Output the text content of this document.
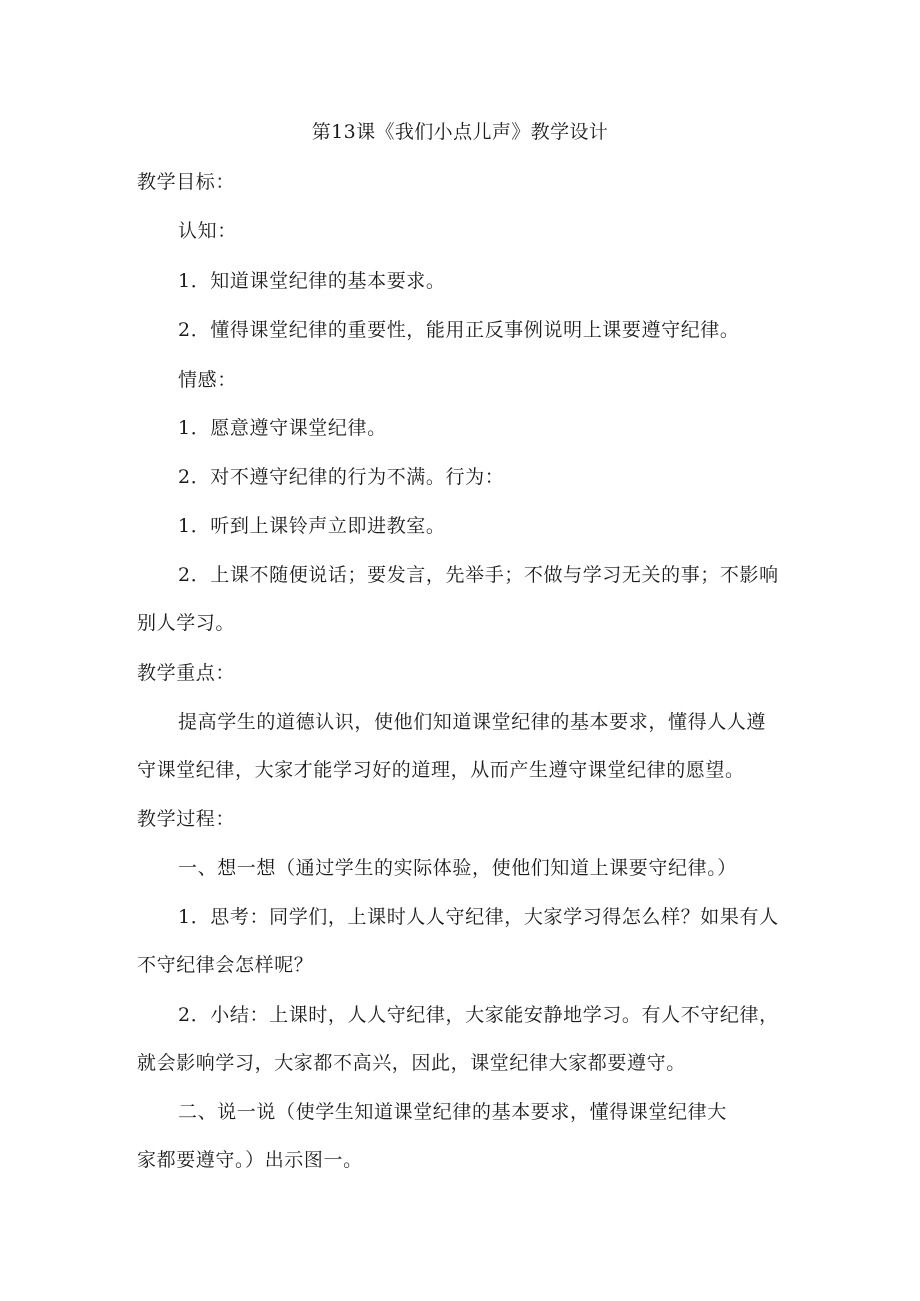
第13课《我们小点儿声》教学设计
教学目标：
认知：
1．知道课堂纪律的基本要求。
2．懂得课堂纪律的重要性，能用正反事例说明上课要遵守纪律。
情感：
1．愿意遵守课堂纪律。
2．对不遵守纪律的行为不满。行为：
1．听到上课铃声立即进教室。
2．上课不随便说话；要发言，先举手；不做与学习无关的事；不影响
别人学习。
教学重点：
提高学生的道德认识，使他们知道课堂纪律的基本要求，懂得人人遵
守课堂纪律，大家才能学习好的道理，从而产生遵守课堂纪律的愿望。
教学过程：
一、想一想（通过学生的实际体验，使他们知道上课要守纪律。）
1．思考：同学们，上课时人人守纪律，大家学习得怎么样？如果有人
不守纪律会怎样呢？
2．小结：上课时，人人守纪律，大家能安静地学习。有人不守纪律，
就会影响学习，大家都不高兴，因此，课堂纪律大家都要遵守。
二、说一说（使学生知道课堂纪律的基本要求，懂得课堂纪律大
家都要遵守。）出示图一。
